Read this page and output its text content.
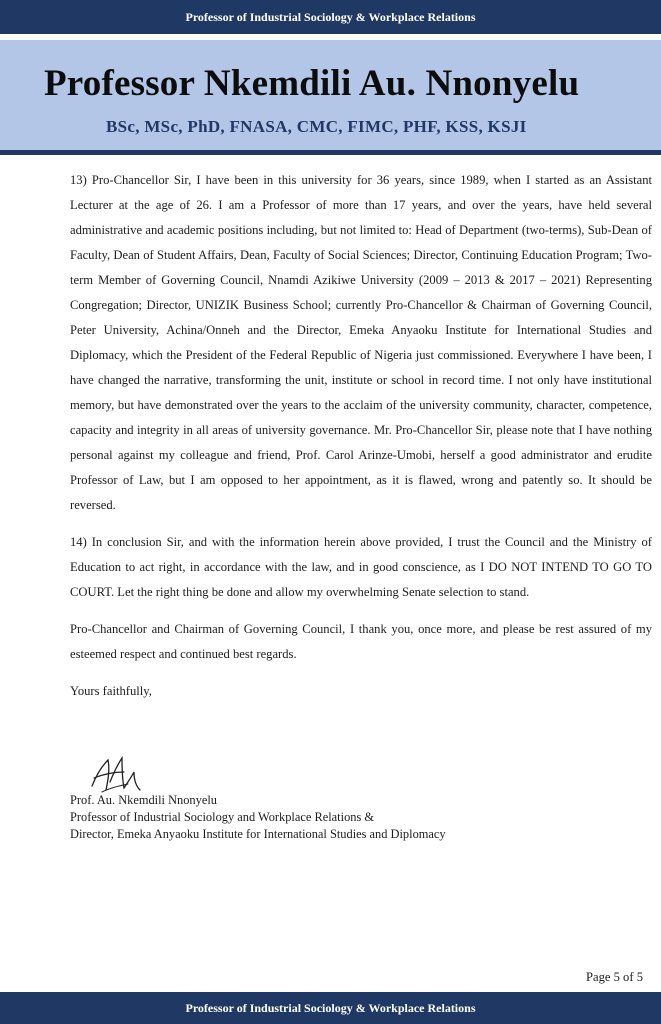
Professor of Industrial Sociology & Workplace Relations
Professor Nkemdili Au. Nnonyelu
BSc, MSc, PhD, FNASA, CMC, FIMC, PHF, KSS, KSJI

13) Pro-Chancellor Sir, I have been in this university for 36 years, since 1989, when I started as an Assistant Lecturer at the age of 26. I am a Professor of more than 17 years, and over the years, have held several administrative and academic positions including, but not limited to: Head of Department (two-terms), Sub-Dean of Faculty, Dean of Student Affairs, Dean, Faculty of Social Sciences; Director, Continuing Education Program; Two-term Member of Governing Council, Nnamdi Azikiwe University (2009 – 2013 & 2017 – 2021) Representing Congregation; Director, UNIZIK Business School; currently Pro-Chancellor & Chairman of Governing Council, Peter University, Achina/Onneh and the Director, Emeka Anyaoku Institute for International Studies and Diplomacy, which the President of the Federal Republic of Nigeria just commissioned. Everywhere I have been, I have changed the narrative, transforming the unit, institute or school in record time. I not only have institutional memory, but have demonstrated over the years to the acclaim of the university community, character, competence, capacity and integrity in all areas of university governance. Mr. Pro-Chancellor Sir, please note that I have nothing personal against my colleague and friend, Prof. Carol Arinze-Umobi, herself a good administrator and erudite Professor of Law, but I am opposed to her appointment, as it is flawed, wrong and patently so. It should be reversed.

14) In conclusion Sir, and with the information herein above provided, I trust the Council and the Ministry of Education to act right, in accordance with the law, and in good conscience, as I DO NOT INTEND TO GO TO COURT. Let the right thing be done and allow my overwhelming Senate selection to stand.

Pro-Chancellor and Chairman of Governing Council, I thank you, once more, and please be rest assured of my esteemed respect and continued best regards.

Yours faithfully,

Prof. Au. Nkemdili Nnonyelu
Professor of Industrial Sociology and Workplace Relations &
Director, Emeka Anyaoku Institute for International Studies and Diplomacy
Page 5 of 5
Professor of Industrial Sociology & Workplace Relations
